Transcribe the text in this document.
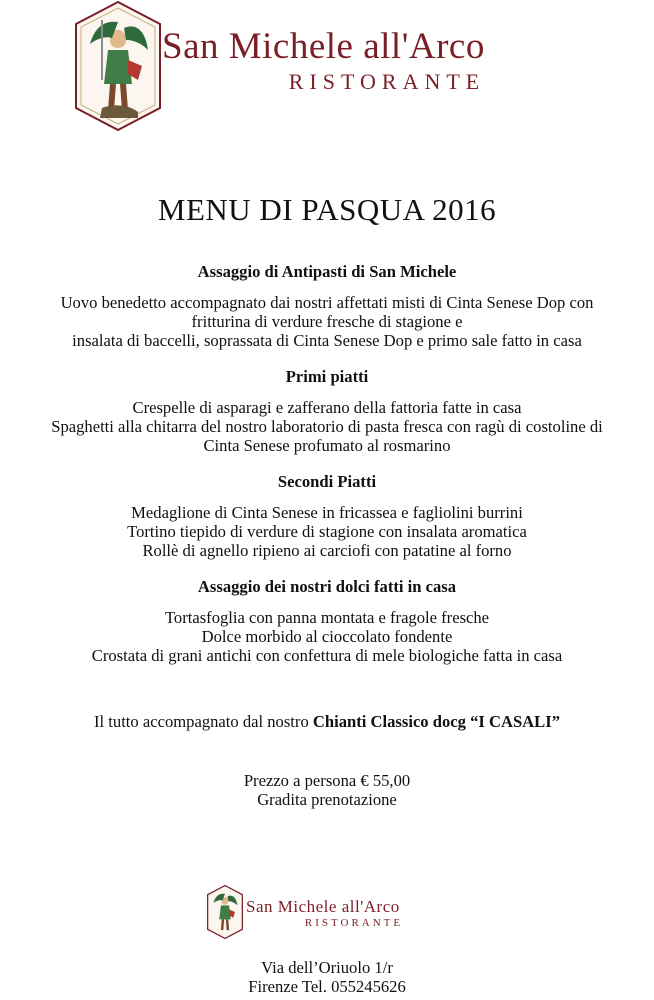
San Michele all'Arco
RISTORANTE
MENU DI PASQUA 2016
Assaggio di Antipasti di San Michele
Uovo benedetto accompagnato dai nostri affettati misti di Cinta Senese Dop con
fritturina di verdure fresche di stagione e
insalata di baccelli, soprassata di Cinta Senese Dop e primo sale fatto in casa
Primi piatti
Crespelle di asparagi e zafferano della fattoria fatte in casa
Spaghetti alla chitarra del nostro laboratorio di pasta fresca con ragù di costoline di
Cinta Senese profumato al rosmarino
Secondi Piatti
Medaglione di Cinta Senese in fricassea e fagliolini burrini
Tortino tiepido di verdure di stagione con insalata aromatica
Rollè di agnello ripieno ai carciofi con patatine al forno
Assaggio dei nostri dolci fatti in casa
Tortasfoglia con panna montata e fragole fresche
Dolce morbido al cioccolato fondente
Crostata di grani antichi con confettura di mele biologiche fatta in casa
Il tutto accompagnato dal nostro Chianti Classico docg “I CASALI”
Prezzo a persona € 55,00
Gradita prenotazione
San Michele all'Arco
RISTORANTE
Via dell’Oriuolo 1/r
Firenze Tel. 055245626
